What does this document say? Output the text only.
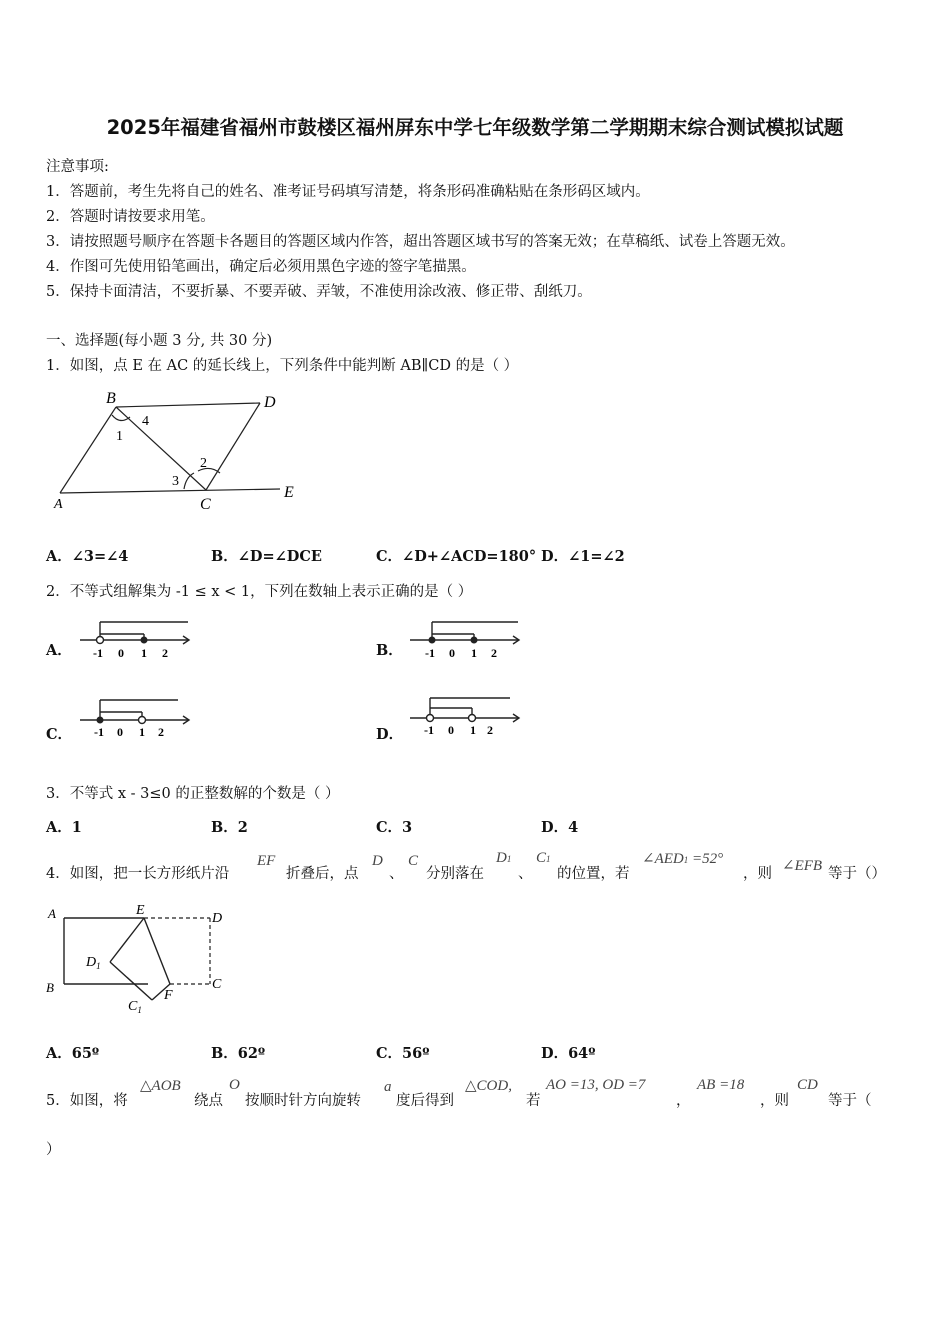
2025年福建省福州市鼓楼区福州屏东中学七年级数学第二学期期末综合测试模拟试题
注意事项:
1．答题前，考生先将自己的姓名、准考证号码填写清楚，将条形码准确粘贴在条形码区域内。
2．答题时请按要求用笔。
3．请按照题号顺序在答题卡各题目的答题区域内作答，超出答题区域书写的答案无效；在草稿纸、试卷上答题无效。
4．作图可先使用铅笔画出，确定后必须用黑色字迹的签字笔描黑。
5．保持卡面清洁，不要折暴、不要弄破、弄皱，不准使用涂改液、修正带、刮纸刀。
一、选择题(每小题 3 分, 共 30 分)
1．如图，点 E 在 AC 的延长线上，下列条件中能判断 AB∥CD 的是（ ）
B	D
A	C
E
1
4
3
2
A．∠3=∠4	B．∠D=∠DCE	C．∠D+∠ACD=180° D．∠1=∠2
2．不等式组解集为 -1 ≤ x < 1，下列在数轴上表示正确的是（ ）
A． -1 0 1 2	B． -1 0 1 2
C． -1 0 1 2	D． -1 0 1 2
3．不等式 x - 3≤0 的正整数解的个数是（ ）
A．1	B．2	C．3	D．4
4．如图，把一长方形纸片沿
EF
折叠后，点
D
、
C
分别落在
D1
、
C1
的位置，若
∠AED1 =52°
，则 ∠EFB 等于（）
A	E
D
B	C
F
$D_1$
$C_1$
A．65º	B．62º	C．56º	D．64º
5．如图，将
△AOB
绕点
O
按顺时针方向旋转
a
度后得到
△COD,
若
AO =13, OD =7
，
AB =18
，则
CD
等于（
）
